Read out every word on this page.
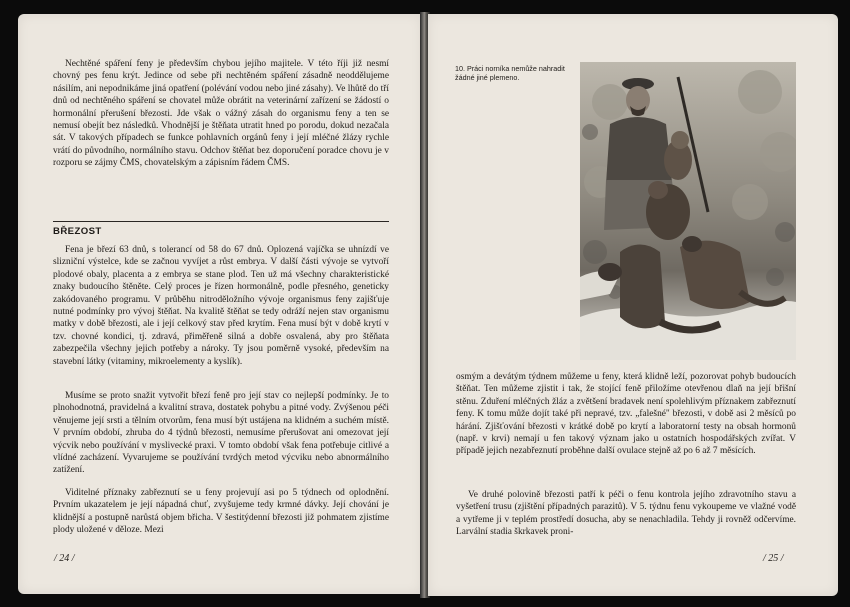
Nechtěné spáření feny je především chybou jejího majitele. V této říji již nesmí chovný pes fenu krýt. Jedince od sebe při nechtěném spáření zásadně neoddělujeme násilím, ani nepodnikáme jiná opatření (polévání vodou nebo jiné zásahy). Ve lhůtě do tří dnů od nechtěného spáření se chovatel může obrátit na veterinární zařízení se žádostí o hormonální přerušení březosti. Jde však o vážný zásah do organismu feny a ten se nemusí obejít bez následků. Vhodnější je štěňata utratit hned po porodu, dokud nezačala sát. V takových případech se funkce pohlavních orgánů feny i její mléčné žlázy rychle vrátí do původního, normálního stavu. Odchov štěňat bez doporučení poradce chovu je v rozporu se zájmy ČMS, chovatelským a zápisním řádem ČMS.

BŘEZOST

Fena je březí 63 dnů, s tolerancí od 58 do 67 dnů. Oplozená vajíčka se uhnízdí ve slizniční výstelce, kde se začnou vyvíjet a růst embrya. V další části vývoje se vytvoří plodové obaly, placenta a z embrya se stane plod. Ten už má všechny charakteristické znaky budoucího štěněte. Celý proces je řízen hormonálně, podle přesného, geneticky zakódovaného programu. V průběhu nitroděložního vývoje organismus feny zajišťuje nutné podmínky pro vývoj štěňat. Na kvalitě štěňat se tedy odráží nejen stav organismu matky v době březosti, ale i její celkový stav před krytím. Fena musí být v době krytí v tzv. chovné kondici, tj. zdravá, přiměřeně silná a dobře osvalená, aby pro štěňata zabezpečila všechny jejich potřeby a nároky. Ty jsou poměrně vysoké, především na stavební látky (vitaminy, mikroelementy a kyslík).

Musíme se proto snažit vytvořit březí feně pro její stav co nejlepší podmínky. Je to plnohodnotná, pravidelná a kvalitní strava, dostatek pohybu a pitné vody. Zvýšenou péči věnujeme její srsti a tělním otvorům, fena musí být ustájena na klidném a suchém místě. V prvním období, zhruba do 4 týdnů březosti, nemusíme přerušovat ani omezovat její výcvik nebo používání v myslivecké praxi. V tomto období však fena potřebuje citlivé a vlídné zacházení. Vyvarujeme se používání tvrdých metod výcviku nebo abnormálního zatížení.

Viditelné příznaky zabřeznutí se u feny projevují asi po 5 týdnech od oplodnění. Prvním ukazatelem je její nápadná chuť, zvyšujeme tedy krmné dávky. Její chování je klidnější a postupně narůstá objem břicha. V šestitýdenní březosti již pohmatem zjistíme plody uložené v děloze. Mezi

/ 24 /
10. Práci norníka nemůže nahradit žádné jiné plemeno.

osmým a devátým týdnem můžeme u feny, která klidně leží, pozorovat pohyb budoucích štěňat. Ten můžeme zjistit i tak, že stojící feně přiložíme otevřenou dlaň na její břišní stěnu. Zduření mléčných žláz a zvětšení bradavek není spolehlivým příznakem zabřeznutí feny. K tomu může dojít také při nepravé, tzv. „falešné" březosti, v době asi 2 měsíců po hárání. Zjišťování březosti v krátké době po krytí a laboratorní testy na obsah hormonů (např. v krvi) nemají u fen takový význam jako u ostatních hospodářských zvířat. V případě jejich nezabřeznutí proběhne další ovulace stejně až po 6 až 7 měsících.

Ve druhé polovině březosti patří k péči o fenu kontrola jejího zdravotního stavu a vyšetření trusu (zjištění případných parazitů). V 5. týdnu fenu vykoupeme ve vlažné vodě a vytřeme ji v teplém prostředí dosucha, aby se nenachladila. Tehdy ji rovněž odčervíme. Larvální stadia škrkavek proni-

/ 25 /
